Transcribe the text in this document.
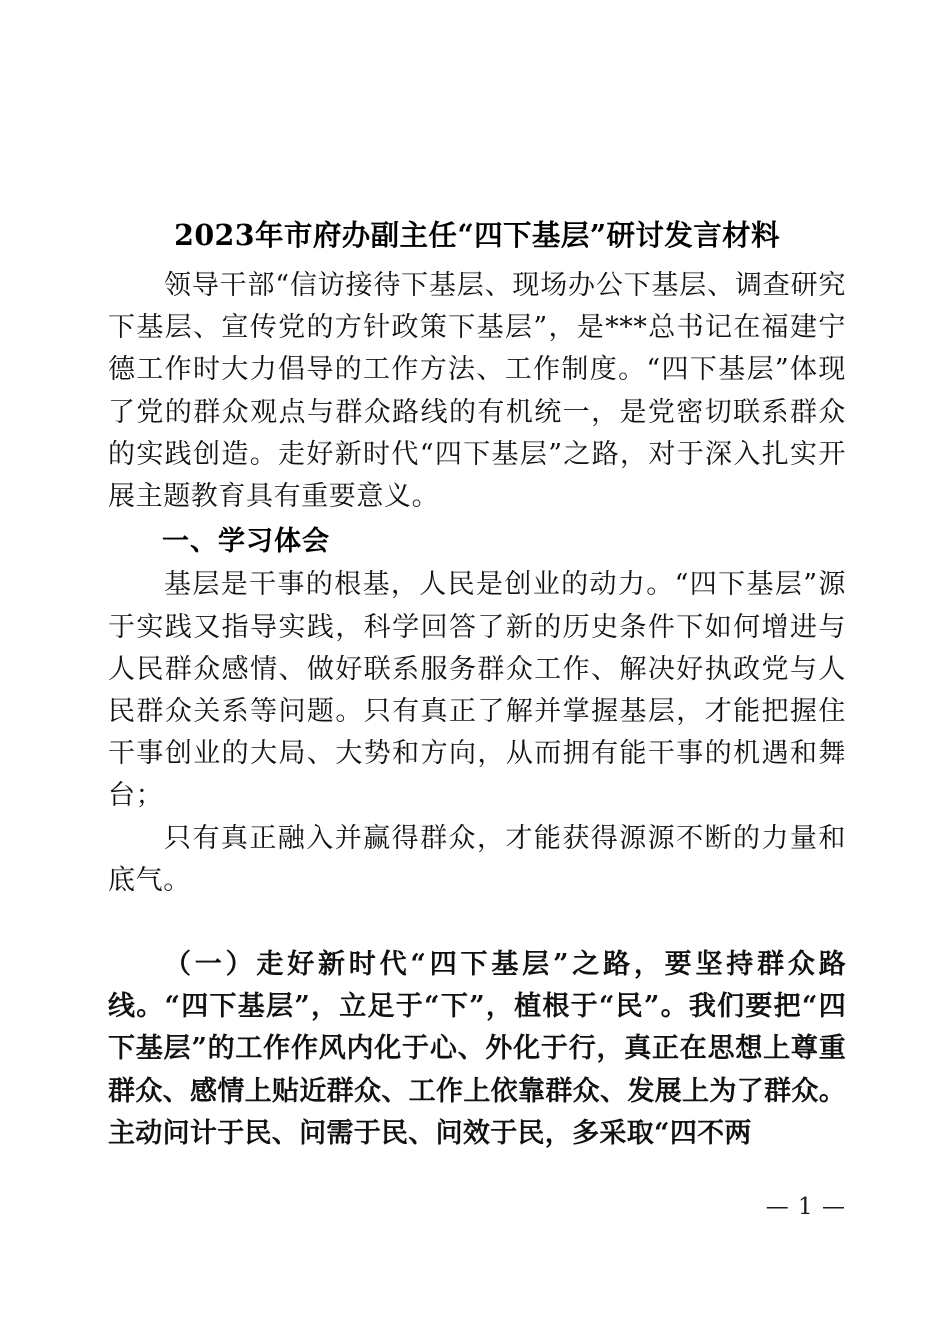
2023年市府办副主任“四下基层”研讨发言材料

领导干部“信访接待下基层、现场办公下基层、调查研究下基层、宣传党的方针政策下基层”，是***总书记在福建宁德工作时大力倡导的工作方法、工作制度。“四下基层”体现了党的群众观点与群众路线的有机统一，是党密切联系群众的实践创造。走好新时代“四下基层”之路，对于深入扎实开展主题教育具有重要意义。

一、学习体会

基层是干事的根基，人民是创业的动力。“四下基层”源于实践又指导实践，科学回答了新的历史条件下如何增进与人民群众感情、做好联系服务群众工作、解决好执政党与人民群众关系等问题。只有真正了解并掌握基层，才能把握住干事创业的大局、大势和方向，从而拥有能干事的机遇和舞台；

只有真正融入并赢得群众，才能获得源源不断的力量和底气。

（一）走好新时代“四下基层”之路，要坚持群众路线。“四下基层”，立足于“下”，植根于“民”。我们要把“四下基层”的工作作风内化于心、外化于行，真正在思想上尊重群众、感情上贴近群众、工作上依靠群众、发展上为了群众。主动问计于民、问需于民、问效于民，多采取“四不两

— 1 —
